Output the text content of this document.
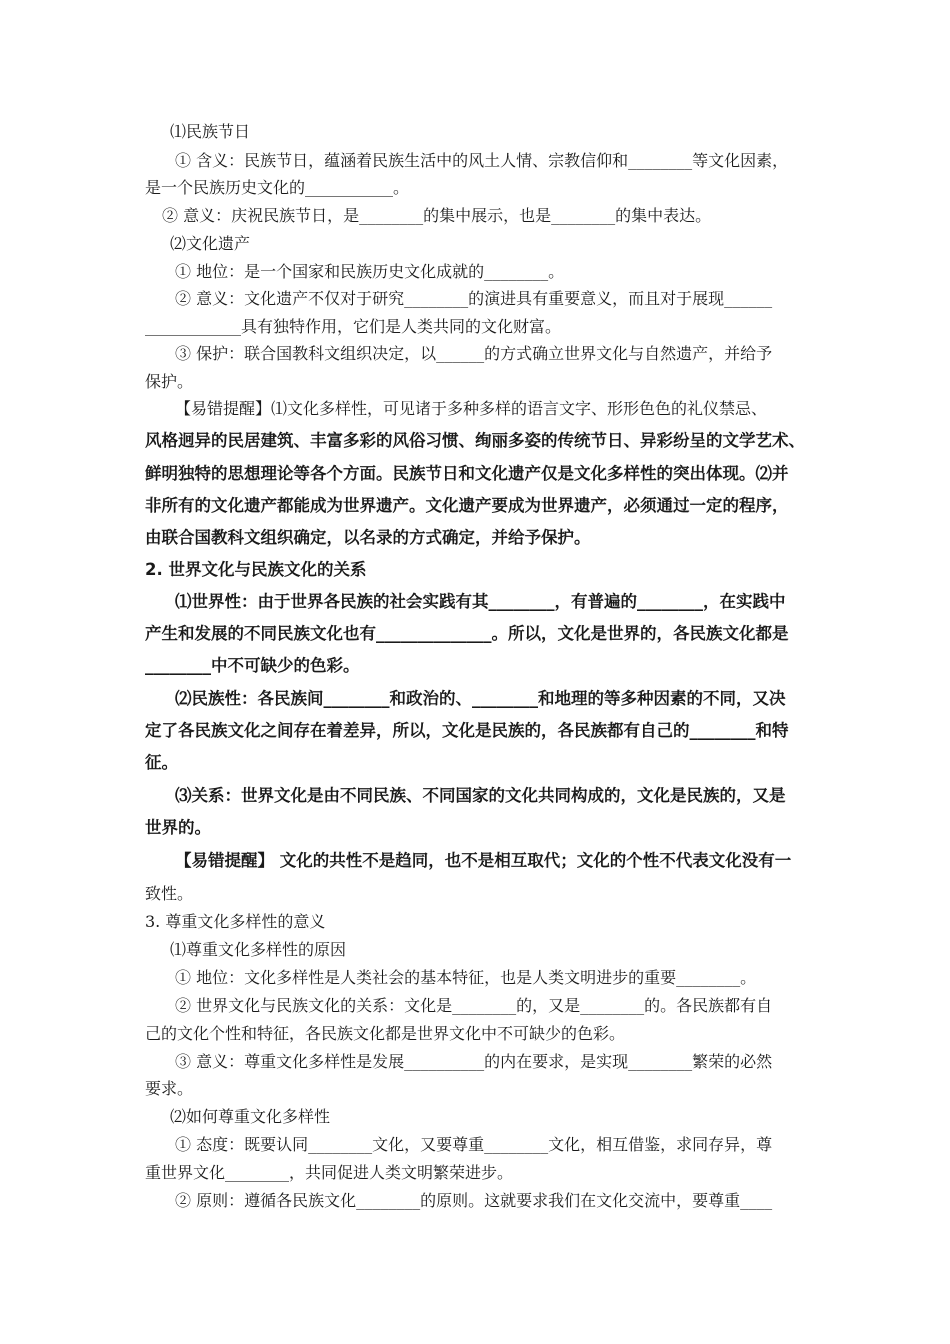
⑴民族节日
① 含义：民族节日，蕴涵着民族生活中的风土人情、宗教信仰和________等文化因素，
是一个民族历史文化的___________。
② 意义：庆祝民族节日，是________的集中展示，也是________的集中表达。
⑵文化遗产
① 地位：是一个国家和民族历史文化成就的________。
② 意义：文化遗产不仅对于研究________的演进具有重要意义，而且对于展现______
____________具有独特作用，它们是人类共同的文化财富。
③ 保护：联合国教科文组织决定，以______的方式确立世界文化与自然遗产，并给予
保护。
【易错提醒】⑴文化多样性，可见诸于多种多样的语言文字、形形色色的礼仪禁忌、
风格迥异的民居建筑、丰富多彩的风俗习惯、绚丽多姿的传统节日、异彩纷呈的文学艺术、
鲜明独特的思想理论等各个方面。民族节日和文化遗产仅是文化多样性的突出体现。⑵并
非所有的文化遗产都能成为世界遗产。文化遗产要成为世界遗产，必须通过一定的程序，
由联合国教科文组织确定，以名录的方式确定，并给予保护。
2. 世界文化与民族文化的关系
⑴世界性：由于世界各民族的社会实践有其________，有普遍的________，在实践中
产生和发展的不同民族文化也有______________。所以，文化是世界的，各民族文化都是
________中不可缺少的色彩。
⑵民族性：各民族间________和政治的、________和地理的等多种因素的不同，又决
定了各民族文化之间存在着差异，所以，文化是民族的，各民族都有自己的________和特
征。
⑶关系：世界文化是由不同民族、不同国家的文化共同构成的，文化是民族的，又是
世界的。
【易错提醒】 文化的共性不是趋同，也不是相互取代；文化的个性不代表文化没有一
致性。
3. 尊重文化多样性的意义
⑴尊重文化多样性的原因
① 地位：文化多样性是人类社会的基本特征，也是人类文明进步的重要________。
② 世界文化与民族文化的关系：文化是________的，又是________的。各民族都有自
己的文化个性和特征，各民族文化都是世界文化中不可缺少的色彩。
③ 意义：尊重文化多样性是发展__________的内在要求，是实现________繁荣的必然
要求。
⑵如何尊重文化多样性
① 态度：既要认同________文化，又要尊重________文化，相互借鉴，求同存异，尊
重世界文化________，共同促进人类文明繁荣进步。
② 原则：遵循各民族文化________的原则。这就要求我们在文化交流中，要尊重____
